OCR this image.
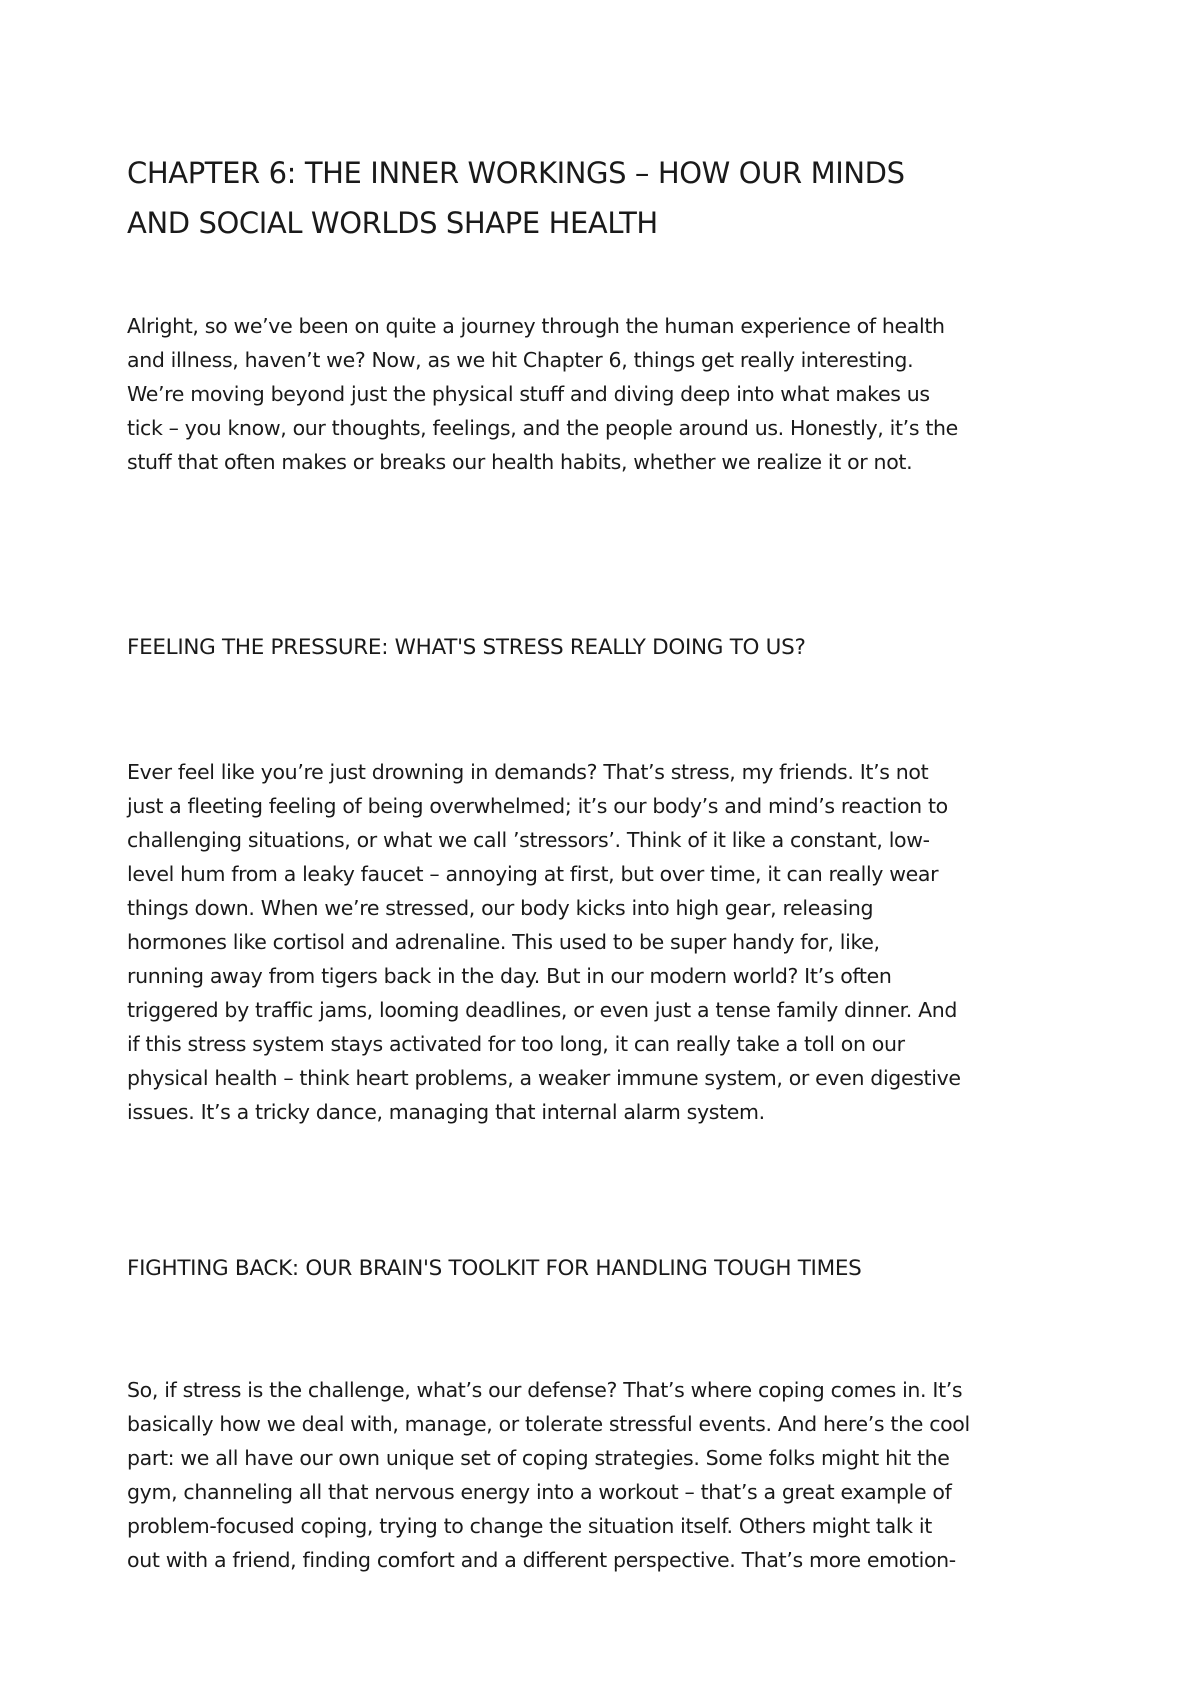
CHAPTER 6: THE INNER WORKINGS – HOW OUR MINDS
AND SOCIAL WORLDS SHAPE HEALTH

Alright, so we’ve been on quite a journey through the human experience of health
and illness, haven’t we? Now, as we hit Chapter 6, things get really interesting.
We’re moving beyond just the physical stuff and diving deep into what makes us
tick – you know, our thoughts, feelings, and the people around us. Honestly, it’s the
stuff that often makes or breaks our health habits, whether we realize it or not.

FEELING THE PRESSURE: WHAT'S STRESS REALLY DOING TO US?

Ever feel like you’re just drowning in demands? That’s stress, my friends. It’s not
just a fleeting feeling of being overwhelmed; it’s our body’s and mind’s reaction to
challenging situations, or what we call ’stressors’. Think of it like a constant, low-
level hum from a leaky faucet – annoying at first, but over time, it can really wear
things down. When we’re stressed, our body kicks into high gear, releasing
hormones like cortisol and adrenaline. This used to be super handy for, like,
running away from tigers back in the day. But in our modern world? It’s often
triggered by traffic jams, looming deadlines, or even just a tense family dinner. And
if this stress system stays activated for too long, it can really take a toll on our
physical health – think heart problems, a weaker immune system, or even digestive
issues. It’s a tricky dance, managing that internal alarm system.

FIGHTING BACK: OUR BRAIN'S TOOLKIT FOR HANDLING TOUGH TIMES

So, if stress is the challenge, what’s our defense? That’s where coping comes in. It’s
basically how we deal with, manage, or tolerate stressful events. And here’s the cool
part: we all have our own unique set of coping strategies. Some folks might hit the
gym, channeling all that nervous energy into a workout – that’s a great example of
problem-focused coping, trying to change the situation itself. Others might talk it
out with a friend, finding comfort and a different perspective. That’s more emotion-
